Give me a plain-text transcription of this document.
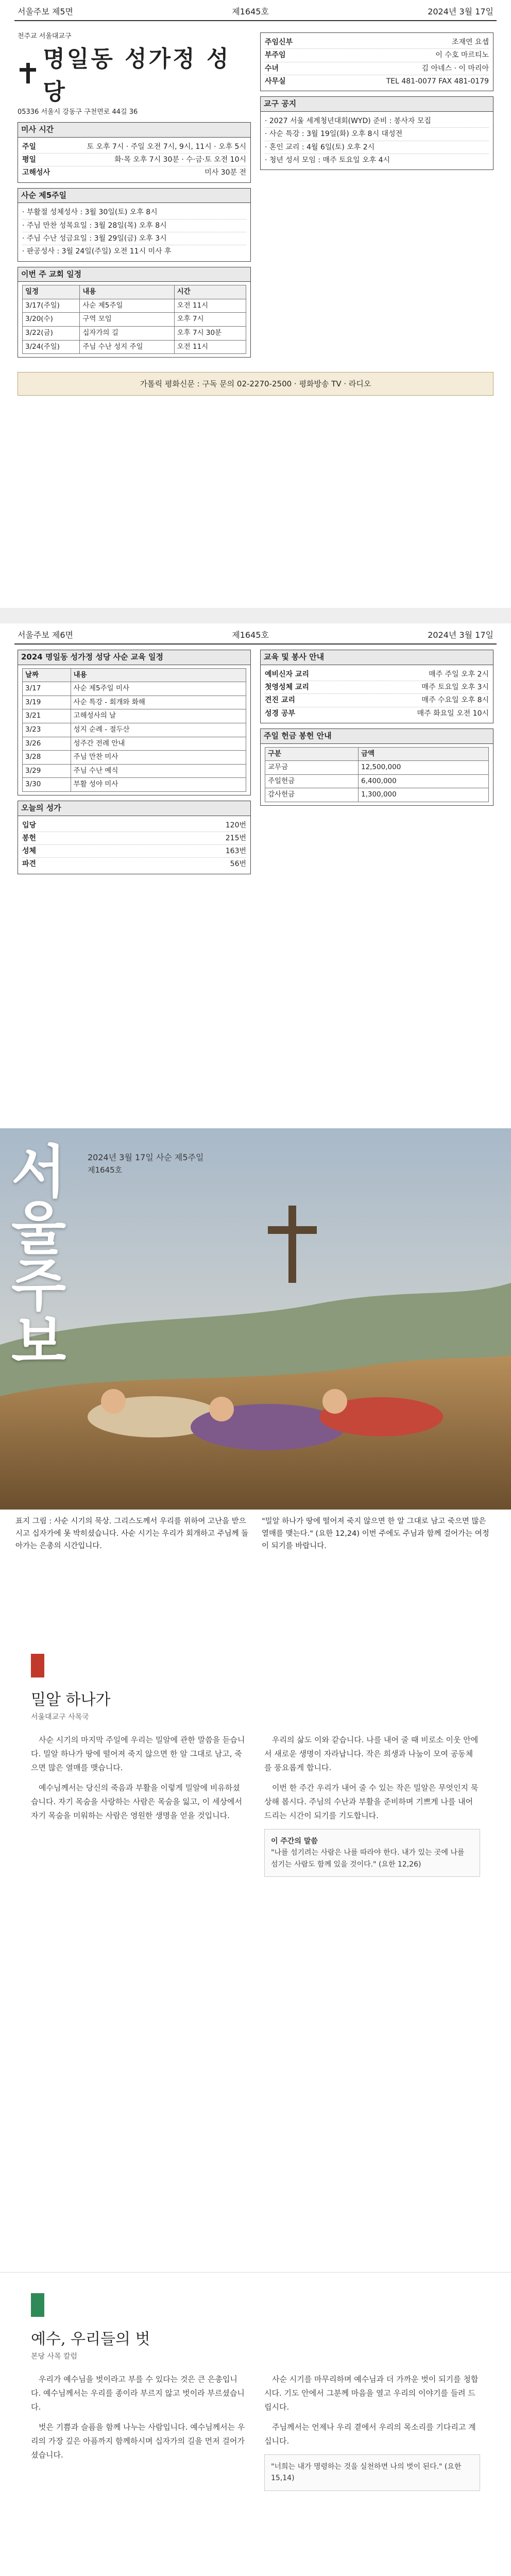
서울주보 제5면	제1645호	2024년 3월 17일
천주교 서울대교구
명일동 성가정 성당
05336 서울시 강동구 구천면로 44길 36
미사 시간
주일	토 오후 7시 · 주일 오전 7시, 9시, 11시 · 오후 5시
평일	화·목 오후 7시 30분 · 수·금·토 오전 10시
고해성사	미사 30분 전
사순 제5주일
· 부활절 성체성사 : 3월 30일(토) 오후 8시
· 주님 만찬 성목요일 : 3월 28일(목) 오후 8시
· 주님 수난 성금요일 : 3월 29일(금) 오후 3시
· 판공성사 : 3월 24일(주일) 오전 11시 미사 후
이번 주 교회 일정
일정	내용	시간
3/17(주일)	사순 제5주일	오전 11시
3/20(수)	구역 모임	오후 7시
3/22(금)	십자가의 길	오후 7시 30분
3/24(주일)	주님 수난 성지 주일	오전 11시
주임신부	조재연 요셉
부주임	이 수호 마르티노
수녀	김 아네스 · 이 마리아
사무실	TEL 481-0077 FAX 481-0179
교구 공지
· 2027 서울 세계청년대회(WYD) 준비 : 봉사자 모집
· 사순 특강 : 3월 19일(화) 오후 8시 대성전
· 혼인 교리 : 4월 6일(토) 오후 2시
· 청년 성서 모임 : 매주 토요일 오후 4시
가톨릭 평화신문 : 구독 문의 02-2270-2500 · 평화방송 TV · 라디오
서울주보 제6면	제1645호	2024년 3월 17일
2024 명일동 성가정 성당 사순 교육 일정
날짜	내용
3/17	사순 제5주일 미사
3/19	사순 특강 - 회개와 화해
3/21	고해성사의 날
3/23	성지 순례 - 절두산
3/26	성주간 전례 안내
3/28	주님 만찬 미사
3/29	주님 수난 예식
3/30	부활 성야 미사
오늘의 성가
입당	120번
봉헌	215번
성체	163번
파견	56번
교육 및 봉사 안내
예비신자 교리	매주 주일 오후 2시
첫영성체 교리	매주 토요일 오후 3시
견진 교리	매주 수요일 오후 8시
성경 공부	매주 화요일 오전 10시
주일 헌금 봉헌 안내
구분	금액
교무금	12,500,000
주일헌금	6,400,000
감사헌금	1,300,000
서울주보
2024년 3월 17일 사순 제5주일
제1645호
표지 그림 : 사순 시기의 묵상. 그리스도께서 우리를 위하여 고난을 받으시고 십자가에 못 박히셨습니다. 사순 시기는 우리가 회개하고 주님께 돌아가는 은총의 시간입니다.
"밀알 하나가 땅에 떨어져 죽지 않으면 한 알 그대로 남고 죽으면 많은 열매를 맺는다." (요한 12,24) 이번 주에도 주님과 함께 걸어가는 여정이 되기를 바랍니다.
밀알 하나가
서울대교구 사목국

사순 시기의 마지막 주일에 우리는 밀알에 관한 말씀을 듣습니다. 밀알 하나가 땅에 떨어져 죽지 않으면 한 알 그대로 남고, 죽으면 많은 열매를 맺습니다.

예수님께서는 당신의 죽음과 부활을 이렇게 밀알에 비유하셨습니다. 자기 목숨을 사랑하는 사람은 목숨을 잃고, 이 세상에서 자기 목숨을 미워하는 사람은 영원한 생명을 얻을 것입니다.

우리의 삶도 이와 같습니다. 나를 내어 줄 때 비로소 이웃 안에서 새로운 생명이 자라납니다. 작은 희생과 나눔이 모여 공동체를 풍요롭게 합니다.

이번 한 주간 우리가 내어 줄 수 있는 작은 밀알은 무엇인지 묵상해 봅시다. 주님의 수난과 부활을 준비하며 기쁘게 나를 내어 드리는 시간이 되기를 기도합니다.

이 주간의 말씀
"나를 섬기려는 사람은 나를 따라야 한다. 내가 있는 곳에 나를 섬기는 사람도 함께 있을 것이다." (요한 12,26)
예수, 우리들의 벗
본당 사목 칼럼

우리가 예수님을 벗이라고 부를 수 있다는 것은 큰 은총입니다. 예수님께서는 우리를 종이라 부르지 않고 벗이라 부르셨습니다.

벗은 기쁨과 슬픔을 함께 나누는 사람입니다. 예수님께서는 우리의 가장 깊은 아픔까지 함께하시며 십자가의 길을 먼저 걸어가셨습니다.

사순 시기를 마무리하며 예수님과 더 가까운 벗이 되기를 청합시다. 기도 안에서 그분께 마음을 열고 우리의 이야기를 들려 드립시다.

주님께서는 언제나 우리 곁에서 우리의 목소리를 기다리고 계십니다.

"너희는 내가 명령하는 것을 실천하면 나의 벗이 된다." (요한 15,14)
